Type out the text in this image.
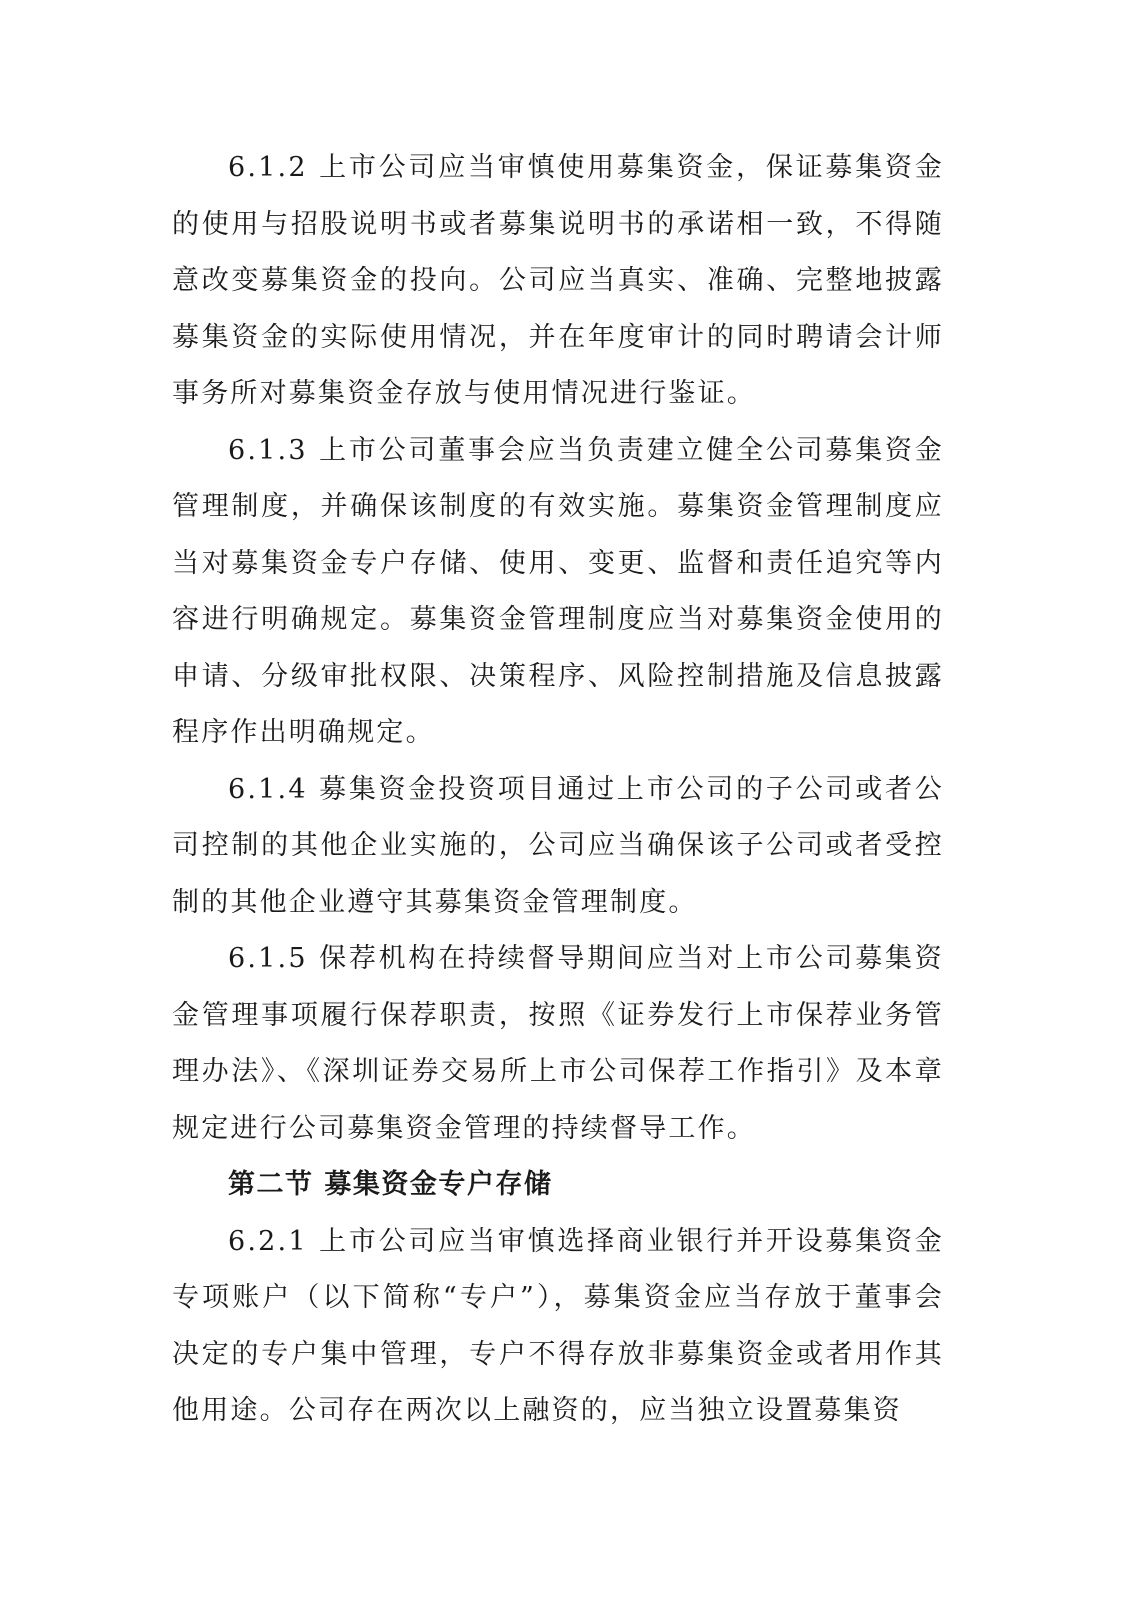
6.1.2 上市公司应当审慎使用募集资金，保证募集资金的使用与招股说明书或者募集说明书的承诺相一致，不得随意改变募集资金的投向。公司应当真实、准确、完整地披露募集资金的实际使用情况，并在年度审计的同时聘请会计师事务所对募集资金存放与使用情况进行鉴证。

6.1.3 上市公司董事会应当负责建立健全公司募集资金管理制度，并确保该制度的有效实施。募集资金管理制度应当对募集资金专户存储、使用、变更、监督和责任追究等内容进行明确规定。募集资金管理制度应当对募集资金使用的申请、分级审批权限、决策程序、风险控制措施及信息披露程序作出明确规定。

6.1.4 募集资金投资项目通过上市公司的子公司或者公司控制的其他企业实施的，公司应当确保该子公司或者受控制的其他企业遵守其募集资金管理制度。

6.1.5 保荐机构在持续督导期间应当对上市公司募集资金管理事项履行保荐职责，按照《证券发行上市保荐业务管理办法》、《深圳证券交易所上市公司保荐工作指引》及本章规定进行公司募集资金管理的持续督导工作。

第二节 募集资金专户存储

6.2.1 上市公司应当审慎选择商业银行并开设募集资金专项账户（以下简称“专户”），募集资金应当存放于董事会决定的专户集中管理，专户不得存放非募集资金或者用作其他用途。公司存在两次以上融资的，应当独立设置募集资
